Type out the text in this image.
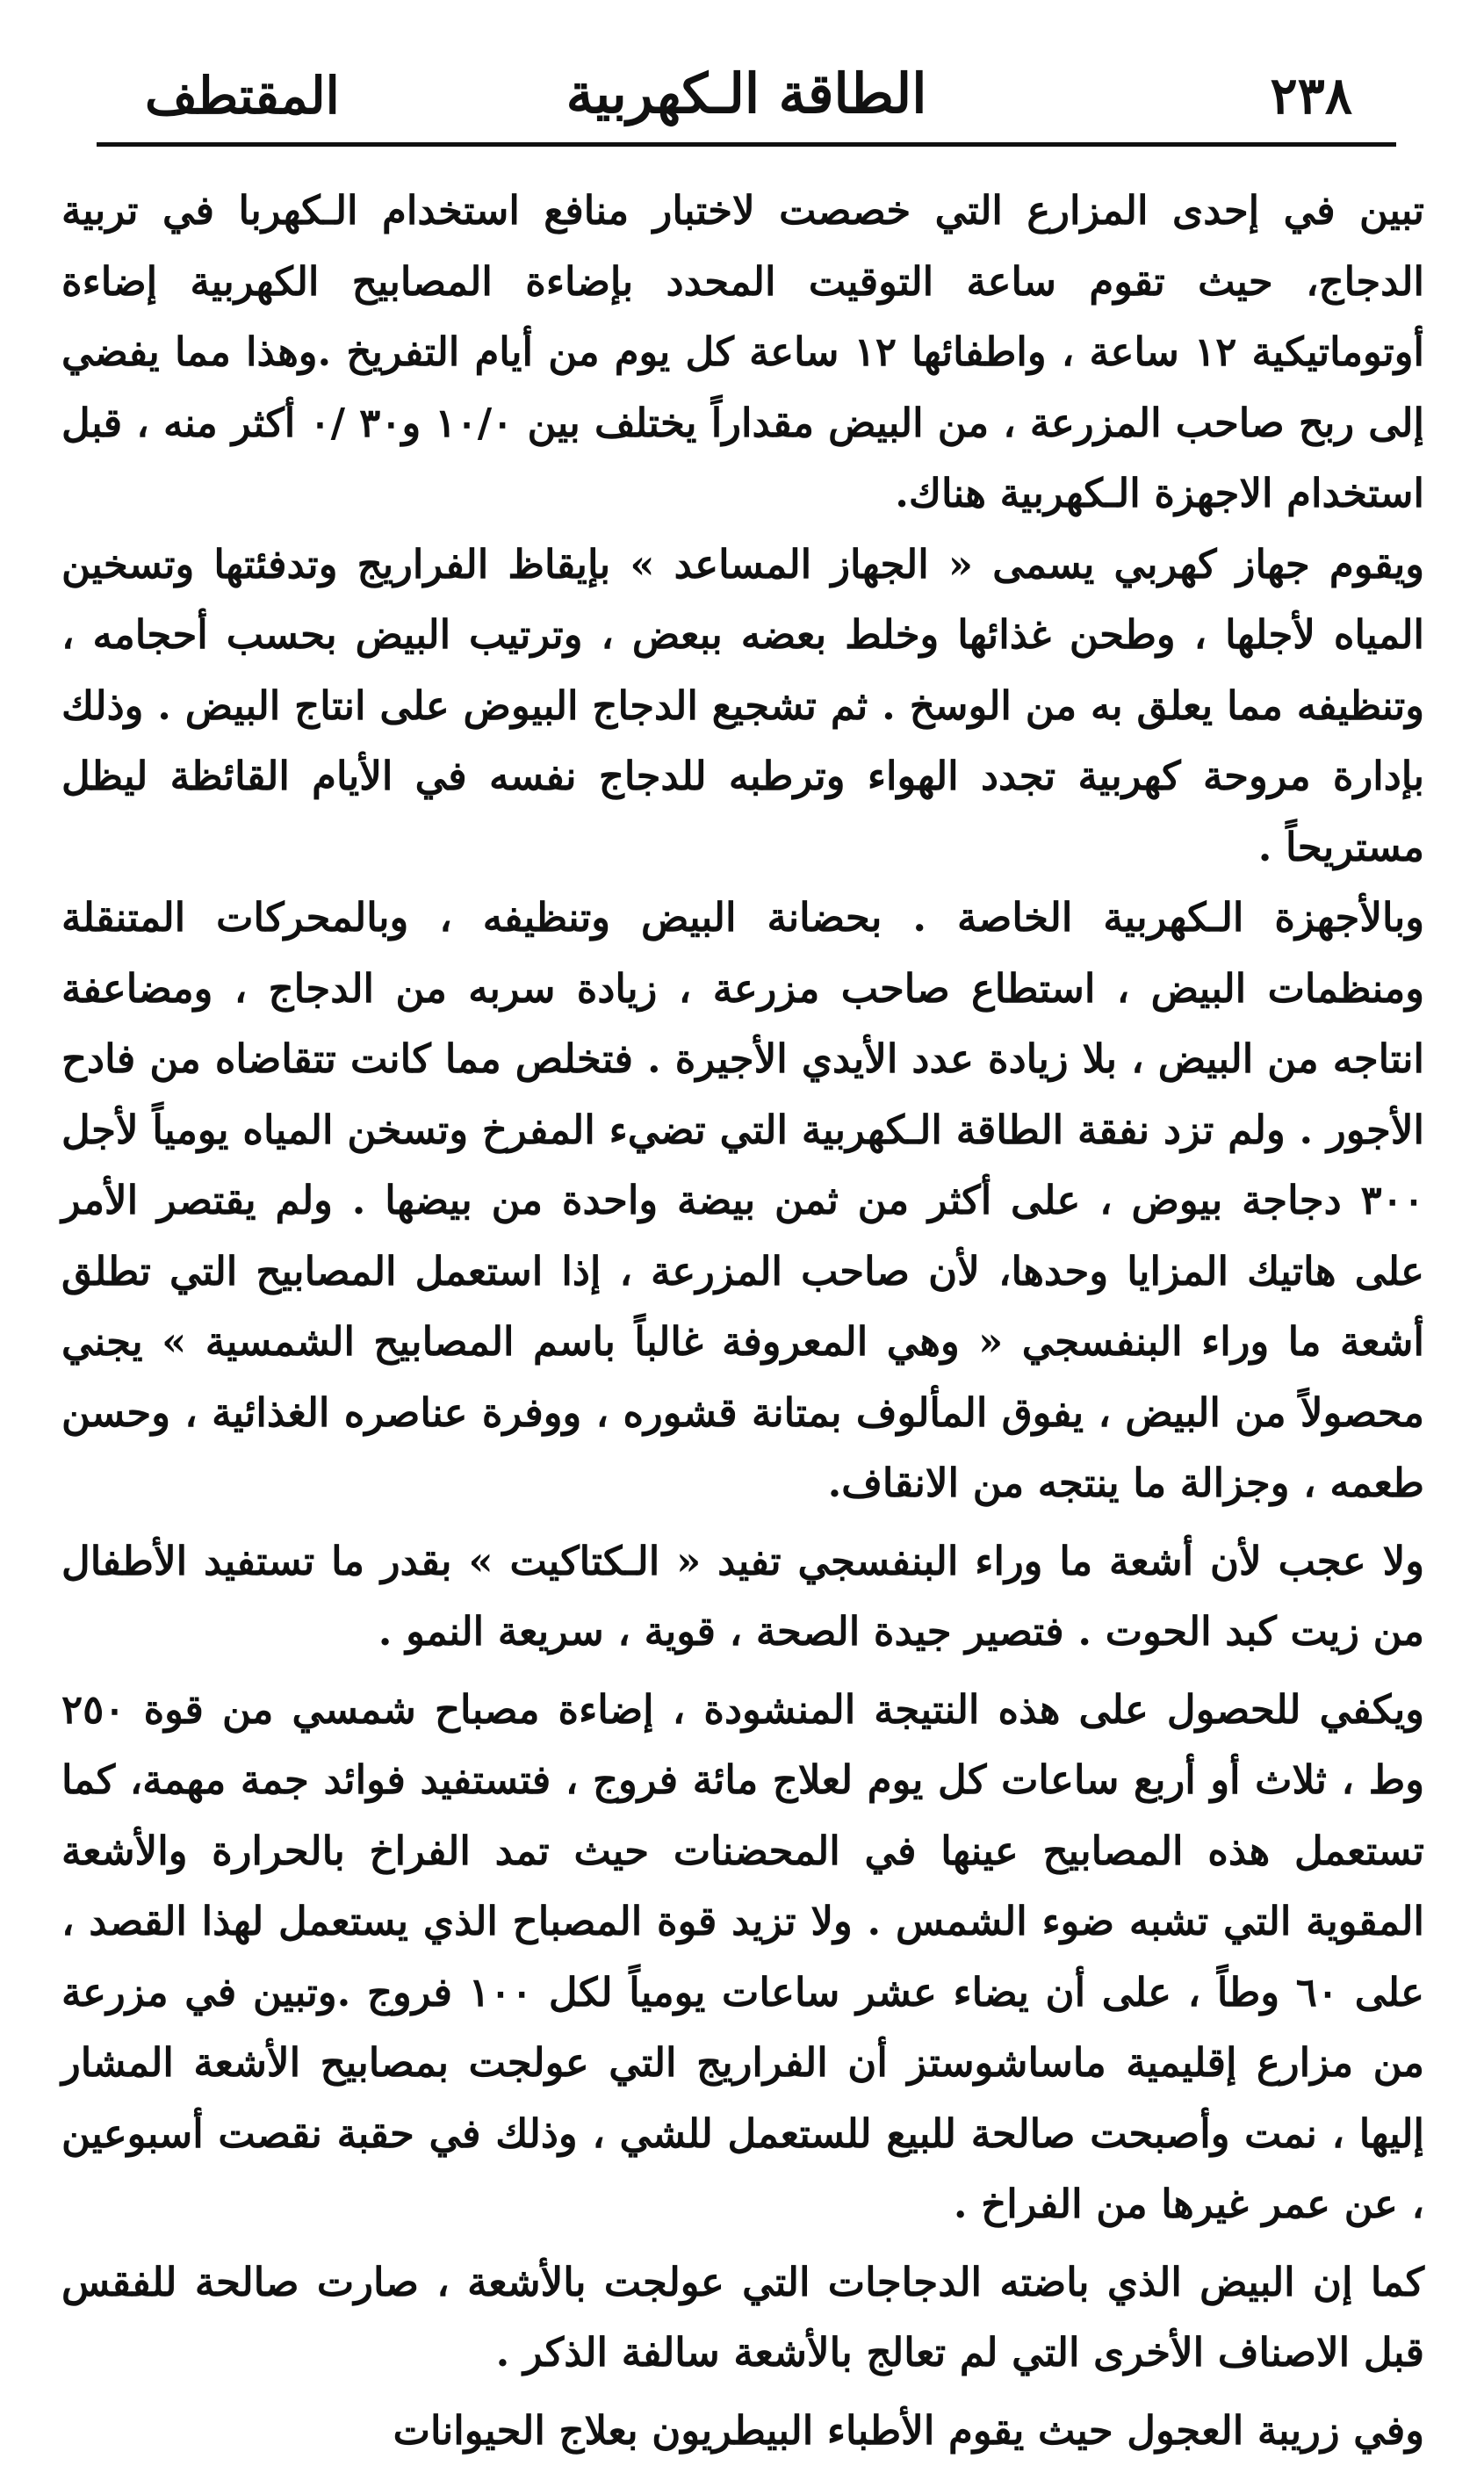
٢٣٨
الطاقة الـكهربية
المقتطف

تبين في إحدى المزارع التي خصصت لاختبار منافع استخدام الـكهربا في تربية الدجاج، حيث تقوم ساعة التوقيت المحدد بإضاءة المصابيح الكهربية إضاءة أوتوماتيكية ١٢ ساعة ، واطفائها ١٢ ساعة كل يوم من أيام التفريخ .وهذا مما يفضي إلى ربح صاحب المزرعة ، من البيض مقداراً يختلف بين ١٠/٠ و٣٠ /٠ أكثر منه ، قبل استخدام الاجهزة الـكهربية هناك.

ويقوم جهاز كهربي يسمى « الجهاز المساعد » بإيقاظ الفراريج وتدفئتها وتسخين المياه لأجلها ، وطحن غذائها وخلط بعضه ببعض ، وترتيب البيض بحسب أحجامه ، وتنظيفه مما يعلق به من الوسخ . ثم تشجيع الدجاج البيوض على انتاج البيض . وذلك بإدارة مروحة كهربية تجدد الهواء وترطبه للدجاج نفسه في الأيام القائظة ليظل مستريحاً .

وبالأجهزة الـكهربية الخاصة . بحضانة البيض وتنظيفه ، وبالمحركات المتنقلة ومنظمات البيض ، استطاع صاحب مزرعة ، زيادة سربه من الدجاج ، ومضاعفة انتاجه من البيض ، بلا زيادة عدد الأيدي الأجيرة . فتخلص مما كانت تتقاضاه من فادح الأجور . ولم تزد نفقة الطاقة الـكهربية التي تضيء المفرخ وتسخن المياه يومياً لأجل ٣٠٠ دجاجة بيوض ، على أكثر من ثمن بيضة واحدة من بيضها . ولم يقتصر الأمر على هاتيك المزايا وحدها، لأن صاحب المزرعة ، إذا استعمل المصابيح التي تطلق أشعة ما وراء البنفسجي « وهي المعروفة غالباً باسم المصابيح الشمسية » يجني محصولاً من البيض ، يفوق المألوف بمتانة قشوره ، ووفرة عناصره الغذائية ، وحسن طعمه ، وجزالة ما ينتجه من الانقاف.

ولا عجب لأن أشعة ما وراء البنفسجي تفيد « الـكتاكيت » بقدر ما تستفيد الأطفال من زيت كبد الحوت . فتصير جيدة الصحة ، قوية ، سريعة النمو .

ويكفي للحصول على هذه النتيجة المنشودة ، إضاءة مصباح شمسي من قوة ٢٥٠ وط ، ثلاث أو أربع ساعات كل يوم لعلاج مائة فروج ، فتستفيد فوائد جمة مهمة، كما تستعمل هذه المصابيح عينها في المحضنات حيث تمد الفراخ بالحرارة والأشعة المقوية التي تشبه ضوء الشمس . ولا تزيد قوة المصباح الذي يستعمل لهذا القصد ، على ٦٠ وطاً ، على أن يضاء عشر ساعات يومياً لكل ١٠٠ فروج .وتبين في مزرعة من مزارع إقليمية ماساشوستز أن الفراريج التي عولجت بمصابيح الأشعة المشار إليها ، نمت وأصبحت صالحة للبيع للستعمل للشي ، وذلك في حقبة نقصت أسبوعين ، عن عمر غيرها من الفراخ .

كما إن البيض الذي باضته الدجاجات التي عولجت بالأشعة ، صارت صالحة للفقس قبل الاصناف الأخرى التي لم تعالج بالأشعة سالفة الذكر .

وفي زريبة العجول حيث يقوم الأطباء البيطريون بعلاج الحيوانات
